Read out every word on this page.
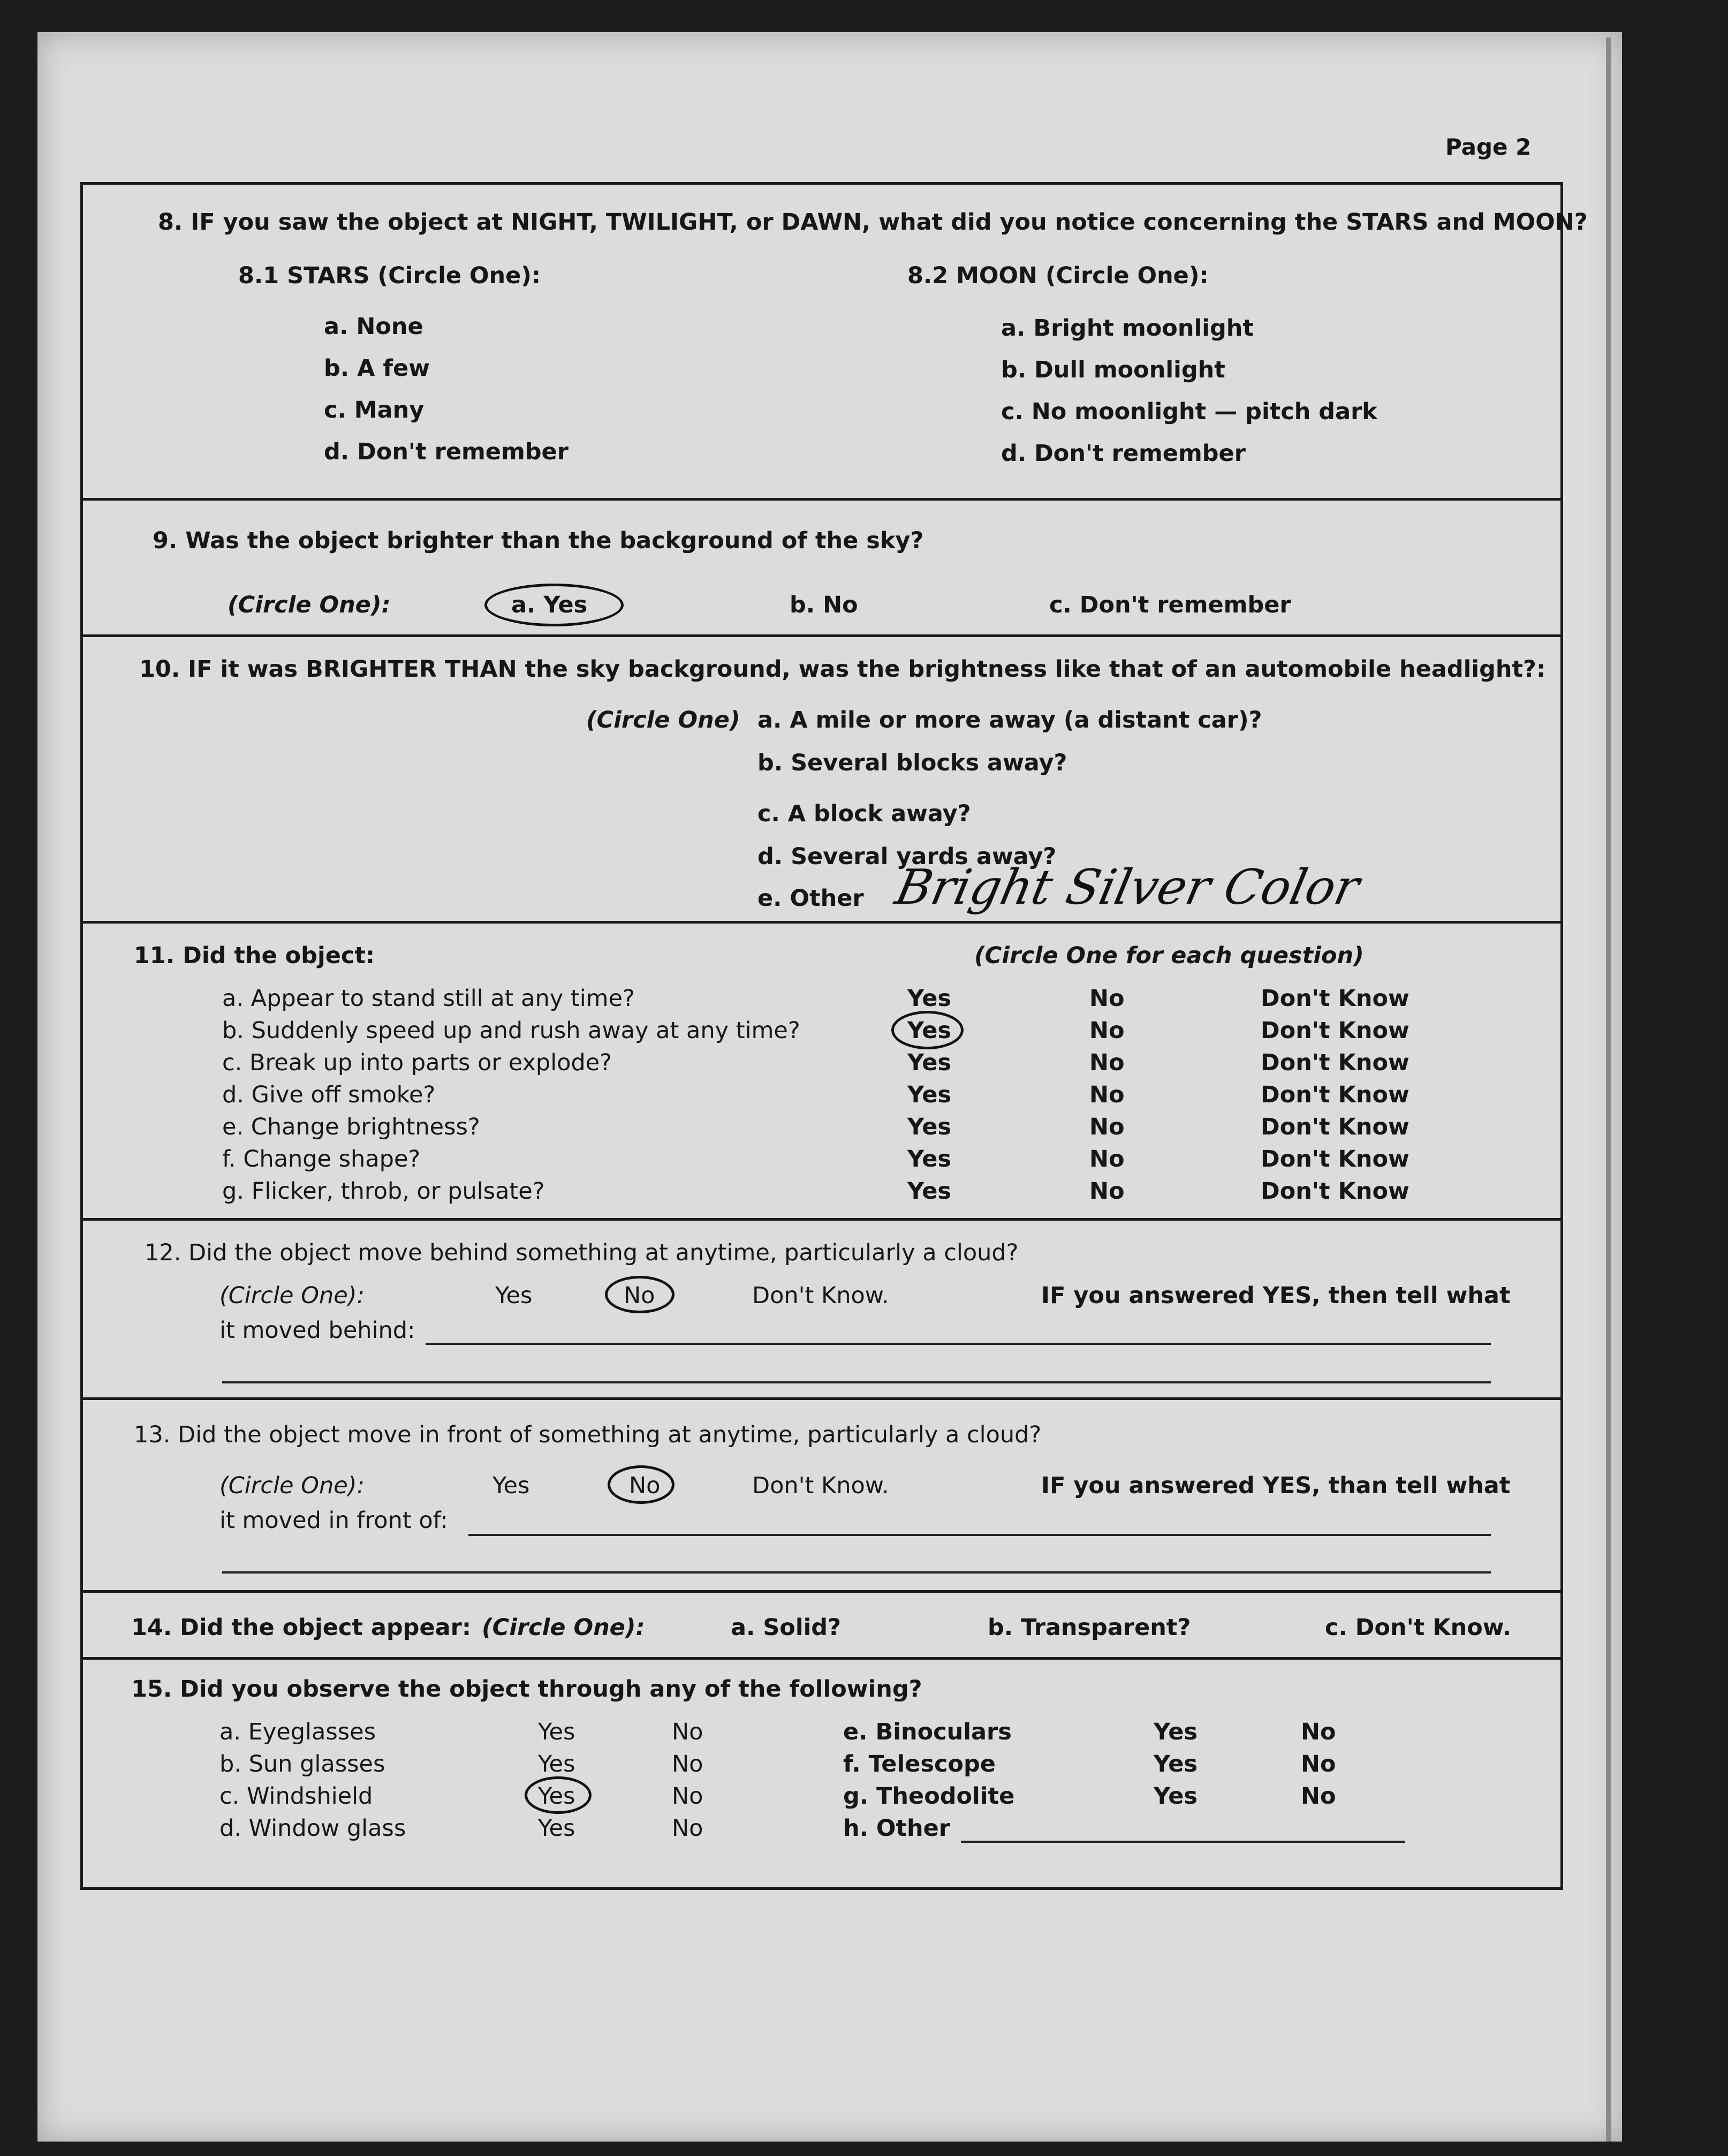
Page 2
8. IF you saw the object at NIGHT, TWILIGHT, or DAWN, what did you notice concerning the STARS and MOON?
8.1 STARS (Circle One):
a. None
b. A few
c. Many
d. Don't remember
8.2 MOON (Circle One):
a. Bright moonlight
b. Dull moonlight
c. No moonlight — pitch dark
d. Don't remember
9. Was the object brighter than the background of the sky?
(Circle One):	a. Yes	b. No	c. Don't remember
10. IF it was BRIGHTER THAN the sky background, was the brightness like that of an automobile headlight?:
(Circle One) a. A mile or more away (a distant car)?
b. Several blocks away?
c. A block away?
d. Several yards away?
e. Other Bright Silver Color
11. Did the object:	(Circle One for each question)
a. Appear to stand still at any time?	Yes	No	Don't Know
b. Suddenly speed up and rush away at any time?	Yes	No	Don't Know
c. Break up into parts or explode?	Yes	No	Don't Know
d. Give off smoke?	Yes	No	Don't Know
e. Change brightness?	Yes	No	Don't Know
f. Change shape?	Yes	No	Don't Know
g. Flicker, throb, or pulsate?	Yes	No	Don't Know
12. Did the object move behind something at anytime, particularly a cloud?
(Circle One):	Yes	No	Don't Know.	IF you answered YES, then tell what
it moved behind:
13. Did the object move in front of something at anytime, particularly a cloud?
(Circle One):	Yes	No	Don't Know.	IF you answered YES, than tell what
it moved in front of:
14. Did the object appear: (Circle One):	a. Solid?	b. Transparent?	c. Don't Know.
15. Did you observe the object through any of the following?
a. Eyeglasses	Yes	No
b. Sun glasses	Yes	No
c. Windshield	Yes	No
d. Window glass	Yes	No
e. Binoculars	Yes	No
f. Telescope	Yes	No
g. Theodolite	Yes	No
h. Other
